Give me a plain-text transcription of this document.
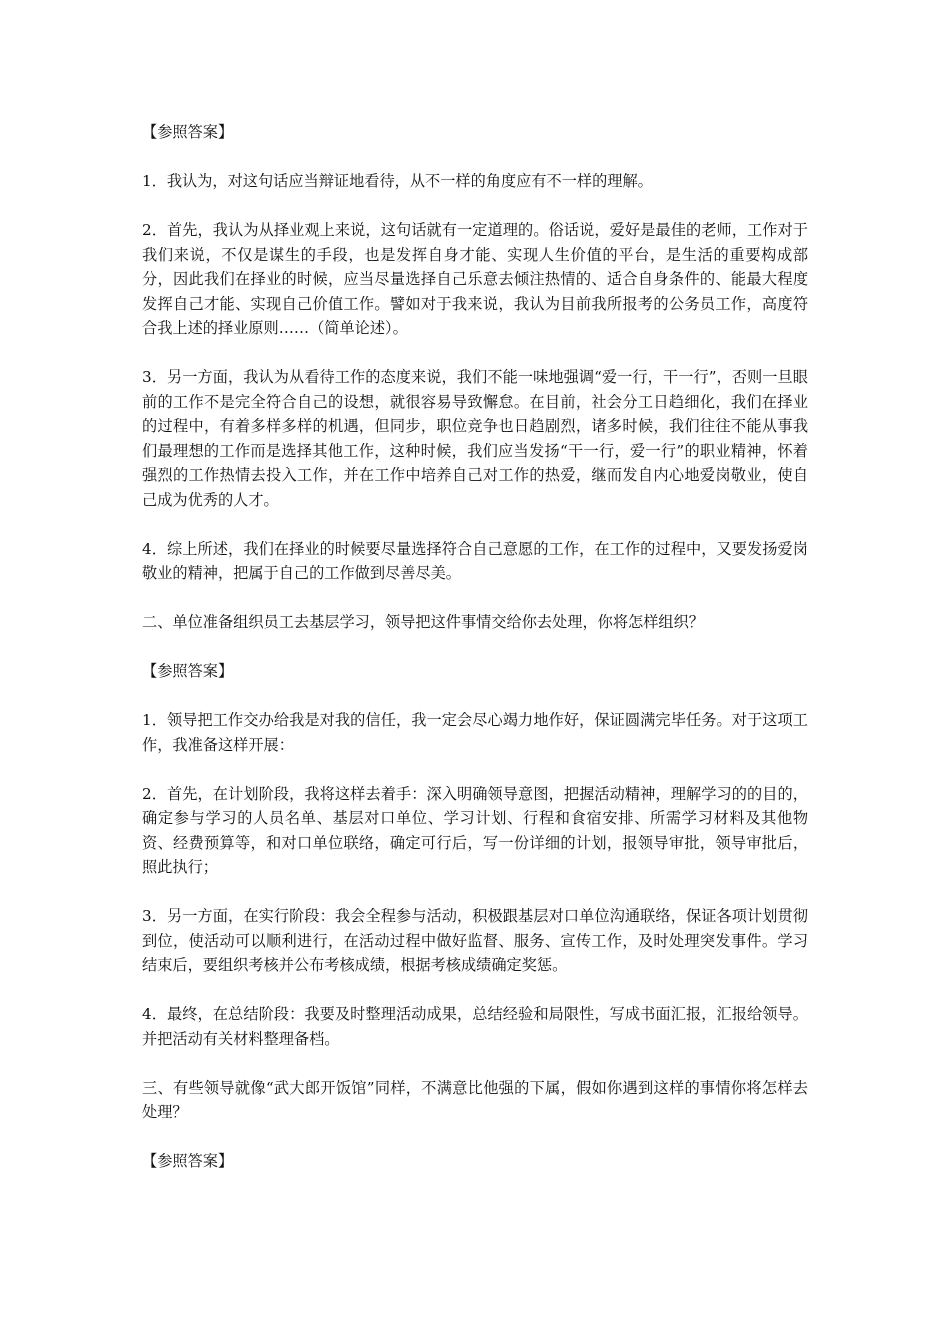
【参照答案】

1．我认为，对这句话应当辩证地看待，从不一样的角度应有不一样的理解。

2．首先，我认为从择业观上来说，这句话就有一定道理的。俗话说，爱好是最佳的老师，工作对于我们来说，不仅是谋生的手段，也是发挥自身才能、实现人生价值的平台，是生活的重要构成部分，因此我们在择业的时候，应当尽量选择自己乐意去倾注热情的、适合自身条件的、能最大程度发挥自己才能、实现自己价值工作。譬如对于我来说，我认为目前我所报考的公务员工作，高度符合我上述的择业原则……（简单论述）。

3．另一方面，我认为从看待工作的态度来说，我们不能一味地强调“爱一行，干一行”，否则一旦眼前的工作不是完全符合自己的设想，就很容易导致懈怠。在目前，社会分工日趋细化，我们在择业的过程中，有着多样多样的机遇，但同步，职位竞争也日趋剧烈，诸多时候，我们往往不能从事我们最理想的工作而是选择其他工作，这种时候，我们应当发扬“干一行，爱一行”的职业精神，怀着强烈的工作热情去投入工作，并在工作中培养自己对工作的热爱，继而发自内心地爱岗敬业，使自己成为优秀的人才。

4．综上所述，我们在择业的时候要尽量选择符合自己意愿的工作，在工作的过程中，又要发扬爱岗敬业的精神，把属于自己的工作做到尽善尽美。

二、单位准备组织员工去基层学习，领导把这件事情交给你去处理，你将怎样组织？

【参照答案】

1．领导把工作交办给我是对我的信任，我一定会尽心竭力地作好，保证圆满完毕任务。对于这项工作，我准备这样开展：

2．首先，在计划阶段，我将这样去着手：深入明确领导意图，把握活动精神，理解学习的的目的，确定参与学习的人员名单、基层对口单位、学习计划、行程和食宿安排、所需学习材料及其他物资、经费预算等，和对口单位联络，确定可行后，写一份详细的计划，报领导审批，领导审批后，照此执行；

3．另一方面，在实行阶段：我会全程参与活动，积极跟基层对口单位沟通联络，保证各项计划贯彻到位，使活动可以顺利进行，在活动过程中做好监督、服务、宣传工作，及时处理突发事件。学习结束后，要组织考核并公布考核成绩，根据考核成绩确定奖惩。

4．最终，在总结阶段：我要及时整理活动成果，总结经验和局限性，写成书面汇报，汇报给领导。并把活动有关材料整理备档。

三、有些领导就像“武大郎开饭馆”同样，不满意比他强的下属，假如你遇到这样的事情你将怎样去处理？

【参照答案】
